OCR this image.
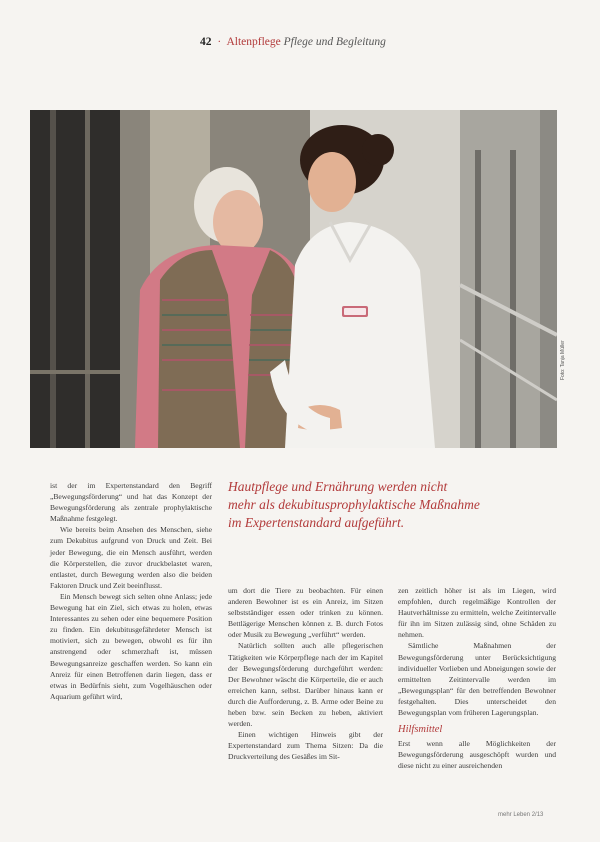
42 · Altenpflege Pflege und Begleitung
Foto: Tanja Müller
Hautpflege und Ernährung werden nicht
mehr als dekubitusprophylaktische Maßnahme
im Expertenstandard aufgeführt.

ist der im Expertenstandard den Begriff „Bewegungsförderung“ und hat das Konzept der Bewegungsförderung als zentrale prophylaktische Maßnahme festgelegt.

Wie bereits beim Ansehen des Menschen, siehe zum Dekubitus aufgrund von Druck und Zeit. Bei jeder Bewegung, die ein Mensch ausführt, werden die Körperstellen, die zuvor druckbelastet waren, entlastet, durch Bewegung werden also die beiden Faktoren Druck und Zeit beeinflusst.

Ein Mensch bewegt sich selten ohne Anlass; jede Bewegung hat ein Ziel, sich etwas zu holen, etwas Interessantes zu sehen oder eine bequemere Position zu finden. Ein dekubitusgefährdeter Mensch ist motiviert, sich zu bewegen, obwohl es für ihn anstrengend oder schmerzhaft ist, müssen Bewegungsanreize geschaffen werden. So kann ein Anreiz für einen Betroffenen darin liegen, dass er etwas in Bedürfnis sieht, zum Vogelhäuschen oder Aquarium geführt wird,

um dort die Tiere zu beobachten. Für einen anderen Bewohner ist es ein Anreiz, im Sitzen selbstständiger essen oder trinken zu können. Bettlägerige Menschen können z. B. durch Fotos oder Musik zu Bewegung „verführt“ werden.

Natürlich sollten auch alle pflegerischen Tätigkeiten wie Körperpflege nach der im Kapitel der Bewegungsförderung durchgeführt werden: Der Bewohner wäscht die Körperteile, die er auch erreichen kann, selbst. Darüber hinaus kann er durch die Aufforderung, z. B. Arme oder Beine zu heben bzw. sein Becken zu heben, aktiviert werden.

Einen wichtigen Hinweis gibt der Expertenstandard zum Thema Sitzen: Da die Druckverteilung des Gesäßes im Sit-

zen zeitlich höher ist als im Liegen, wird empfohlen, durch regelmäßige Kontrollen der Hautverhältnisse zu ermitteln, welche Zeitintervalle für ihn im Sitzen zulässig sind, ohne Schäden zu nehmen.

Sämtliche Maßnahmen der Bewegungsförderung unter Berücksichtigung individueller Vorlieben und Abneigungen sowie der ermittelten Zeitintervalle werden im „Bewegungsplan“ für den betreffenden Bewohner festgehalten. Dies unterscheidet den Bewegungsplan vom früheren Lagerungsplan.

Hilfsmittel

Erst wenn alle Möglichkeiten der Bewegungsförderung ausgeschöpft wurden und diese nicht zu einer ausreichenden

mehr Leben 2/13
